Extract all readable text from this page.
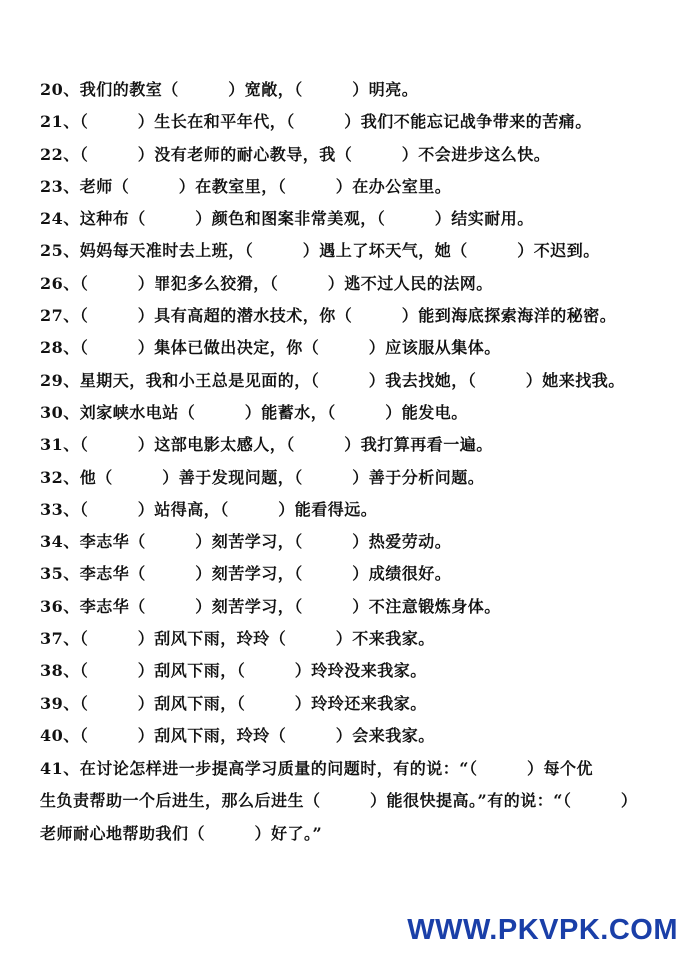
20、我们的教室（　　　）宽敞，（　　　）明亮。
21、（　　　）生长在和平年代，（　　　）我们不能忘记战争带来的苦痛。
22、（　　　）没有老师的耐心教导，我（　　　）不会进步这么快。
23、老师（　　　）在教室里，（　　　）在办公室里。
24、这种布（　　　）颜色和图案非常美观，（　　　）结实耐用。
25、妈妈每天准时去上班，（　　　）遇上了坏天气，她（　　　）不迟到。
26、（　　　）罪犯多么狡猾，（　　　）逃不过人民的法网。
27、（　　　）具有高超的潜水技术，你（　　　）能到海底探索海洋的秘密。
28、（　　　）集体已做出决定，你（　　　）应该服从集体。
29、星期天，我和小王总是见面的，（　　　）我去找她，（　　　）她来找我。
30、刘家峡水电站（　　　）能蓄水，（　　　）能发电。
31、（　　　）这部电影太感人，（　　　）我打算再看一遍。
32、他（　　　）善于发现问题，（　　　）善于分析问题。
33、（　　　）站得高，（　　　）能看得远。
34、李志华（　　　）刻苦学习，（　　　）热爱劳动。
35、李志华（　　　）刻苦学习，（　　　）成绩很好。
36、李志华（　　　）刻苦学习，（　　　）不注意锻炼身体。
37、（　　　）刮风下雨，玲玲（　　　）不来我家。
38、（　　　）刮风下雨，（　　　）玲玲没来我家。
39、（　　　）刮风下雨，（　　　）玲玲还来我家。
40、（　　　）刮风下雨，玲玲（　　　）会来我家。
41、在讨论怎样进一步提高学习质量的问题时，有的说：“（　　　）每个优
生负责帮助一个后进生，那么后进生（　　　）能很快提高。”有的说：“（　　　）
老师耐心地帮助我们（　　　）好了。”
WWW.PKVPK.COM
